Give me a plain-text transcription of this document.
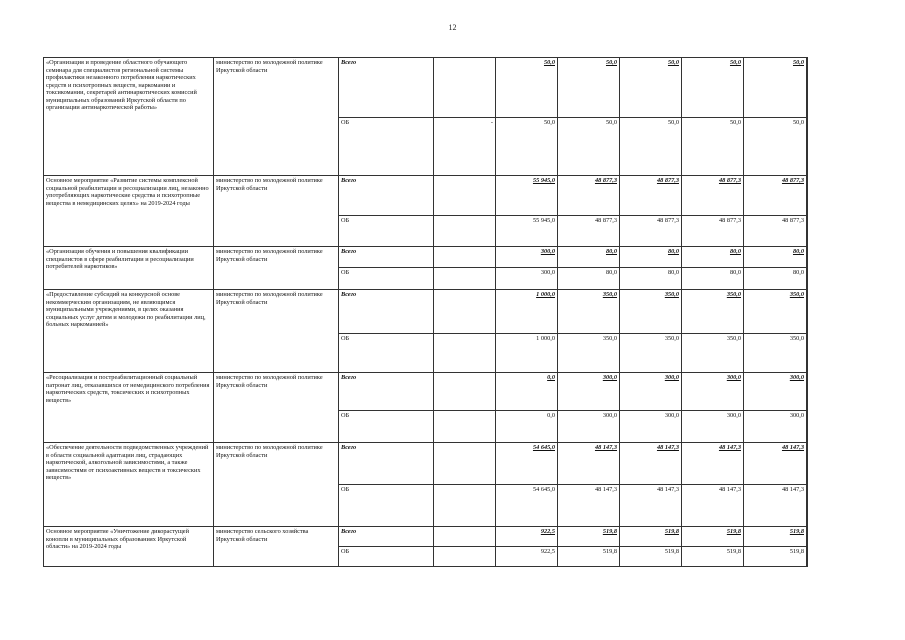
12
«Организация и проведение областного обучающего семинара для специалистов региональной системы профилактики незаконного потребления наркотических средств и психотропных веществ, наркомании и токсикомании, секретарей антинаркотических комиссий муниципальных образований Иркутской области по организации антинаркотической работы»	министерство по молодежной политике Иркутской области	Всего		50,0	50,0	50,0	50,0	50,0	
		ОБ	-	50,0	50,0	50,0	50,0	50,0	
Основное мероприятие «Развитие системы комплексной социальной реабилитации и ресоциализации лиц, незаконно употребляющих наркотические средства и психотропные вещества в немедицинских целях» на 2019-2024 годы	министерство по молодежной политике Иркутской области	Всего		55 945,0	48 877,3	48 877,3	48 877,3	48 877,3	
		ОБ		55 945,0	48 877,3	48 877,3	48 877,3	48 877,3	
«Организация обучения и повышения квалификации специалистов в сфере реабилитации и ресоциализации потребителей наркотиков»	министерство по молодежной политике Иркутской области	Всего		300,0	80,0	80,0	80,0	80,0	
		ОБ		300,0	80,0	80,0	80,0	80,0	
«Предоставление субсидий на конкурсной основе некоммерческим организациям, не являющимся муниципальными учреждениями, в целях оказания социальных услуг детям и молодежи по реабилитации лиц, больных наркоманией»	министерство по молодежной политике Иркутской области	Всего		1 000,0	350,0	350,0	350,0	350,0	
		ОБ		1 000,0	350,0	350,0	350,0	350,0	
«Ресоциализация и постреабилитационный социальный патронат лиц, отказавшихся от немедицинского потребления наркотических средств, токсических и психотропных веществ»	министерство по молодежной политике Иркутской области	Всего		0,0	300,0	300,0	300,0	300,0	
		ОБ		0,0	300,0	300,0	300,0	300,0	
«Обеспечение деятельности подведомственных учреждений в области социальной адаптации лиц, страдающих наркотической, алкогольной зависимостями, а также зависимостями от психоактивных веществ и токсических веществ»	министерство по молодежной политике Иркутской области	Всего		54 645,0	48 147,3	48 147,3	48 147,3	48 147,3	
		ОБ		54 645,0	48 147,3	48 147,3	48 147,3	48 147,3	
Основное мероприятие «Уничтожение дикорастущей конопли в муниципальных образованиях Иркутской области» на 2019-2024 годы	министерство сельского хозяйства Иркутской области	Всего		922,5	519,8	519,8	519,8	519,8	
		ОБ		922,5	519,8	519,8	519,8	519,8	
